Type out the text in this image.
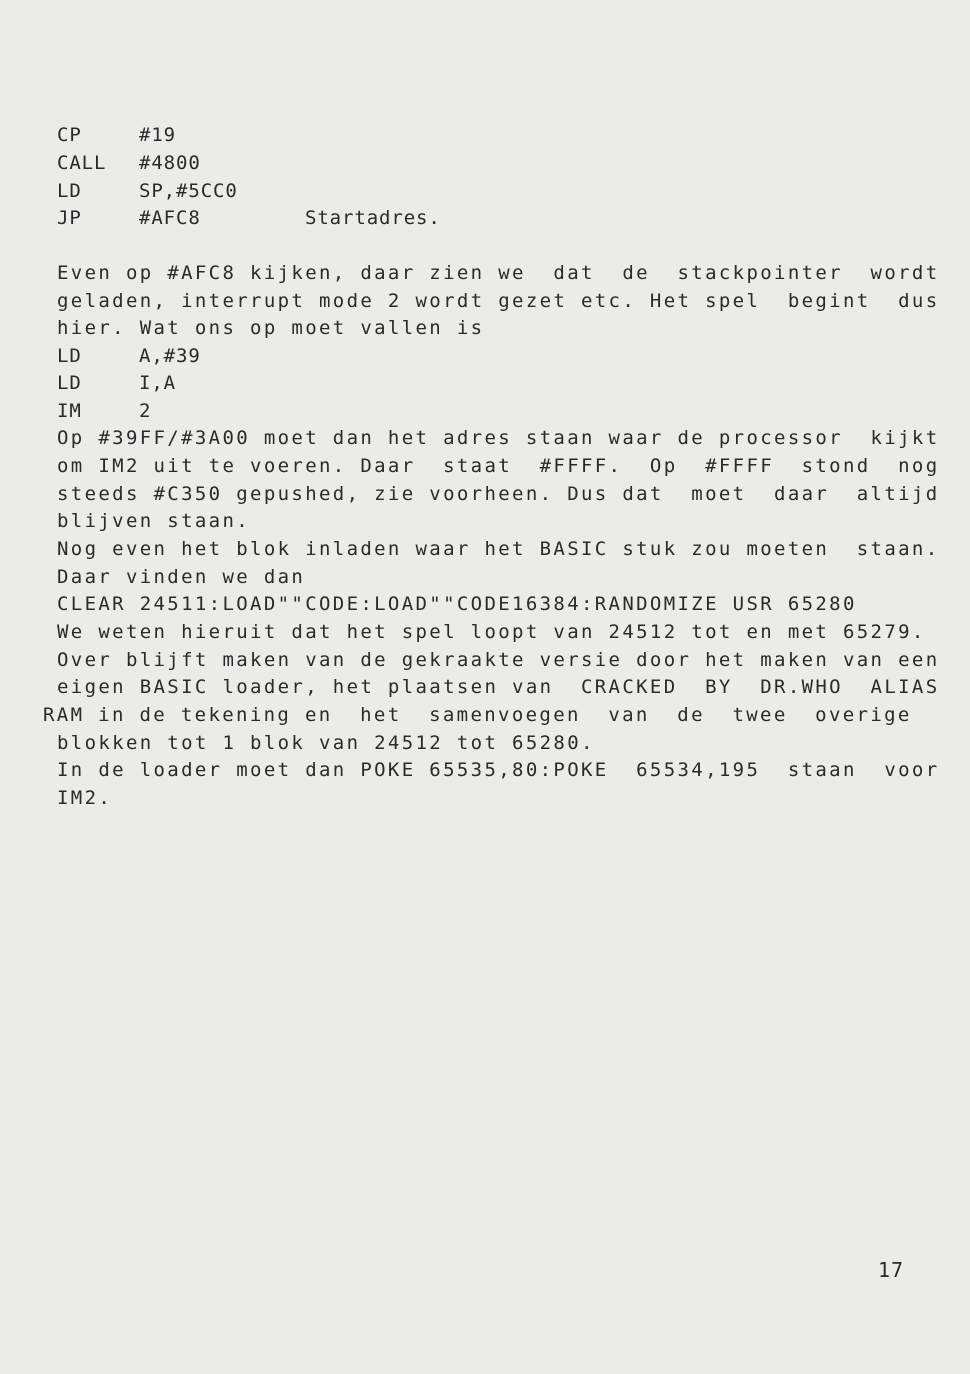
CP	#19
CALL #4800
LD	SP,#5CC0
JP	#AFC8	Startadres.
Even op #AFC8 kijken, daar zien we  dat  de  stackpointer  wordt
geladen, interrupt mode 2 wordt gezet etc. Het spel  begint  dus
hier. Wat ons op moet vallen is
LD	A,#39
LD	I,A
IM	2
Op #39FF/#3A00 moet dan het adres staan waar de processor  kijkt
om IM2 uit te voeren. Daar  staat  #FFFF.  Op  #FFFF  stond  nog
steeds #C350 gepushed, zie voorheen. Dus dat  moet  daar  altijd
blijven staan.
Nog even het blok inladen waar het BASIC stuk zou moeten  staan.
Daar vinden we dan
CLEAR 24511:LOAD""CODE:LOAD""CODE16384:RANDOMIZE USR 65280
We weten hieruit dat het spel loopt van 24512 tot en met 65279.
Over blijft maken van de gekraakte versie door het maken van een
eigen BASIC loader, het plaatsen van  CRACKED  BY  DR.WHO  ALIAS
RAM in de tekening en  het  samenvoegen  van  de  twee  overige
blokken tot 1 blok van 24512 tot 65280.
In de loader moet dan POKE 65535,80:POKE  65534,195  staan  voor
IM2.
17
